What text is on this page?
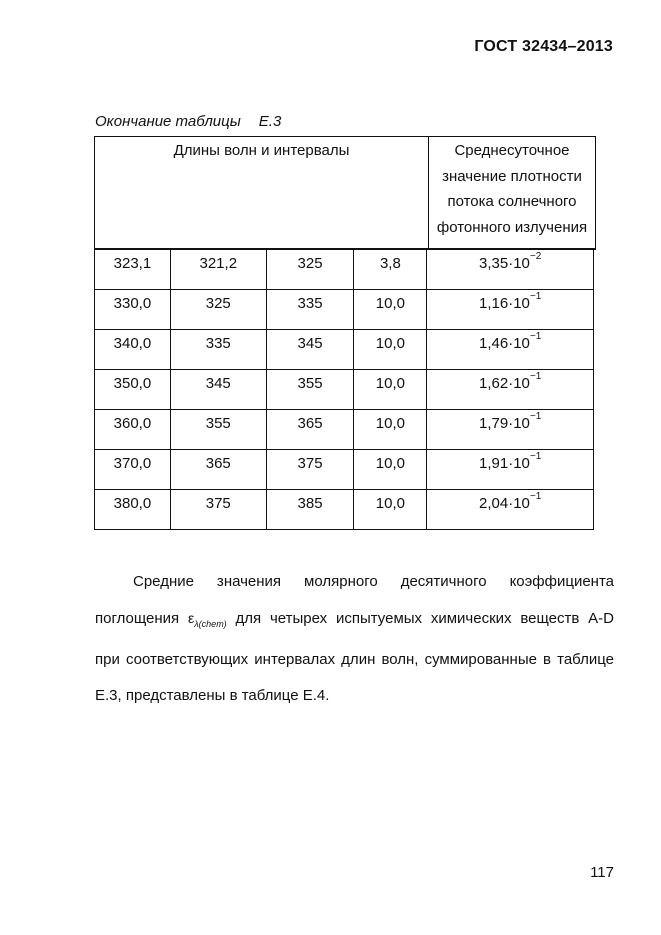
ГОСТ 32434–2013
Окончание таблицы Е.3
Длины волн и интервалы	Среднесуточное
значение плотности
потока солнечного
фотонного излучения
323,1	321,2	325	3,8	$3,35\cdot 10^{-2}$
330,0	325	335	10,0	$1,16\cdot 10^{-1}$
340,0	335	345	10,0	$1,46\cdot 10^{-1}$
350,0	345	355	10,0	$1,62\cdot 10^{-1}$
360,0	355	365	10,0	$1,79\cdot 10^{-1}$
370,0	365	375	10,0	$1,91\cdot 10^{-1}$
380,0	375	385	10,0	$2,04\cdot 10^{-1}$
Средние значения молярного десятичного коэффициента
поглощения $\varepsilon_{\lambda(chem)}$ для четырех испытуемых химических веществ A-D
при соответствующих интервалах длин волн, суммированные в таблице
Е.3, представлены в таблице Е.4.
117
